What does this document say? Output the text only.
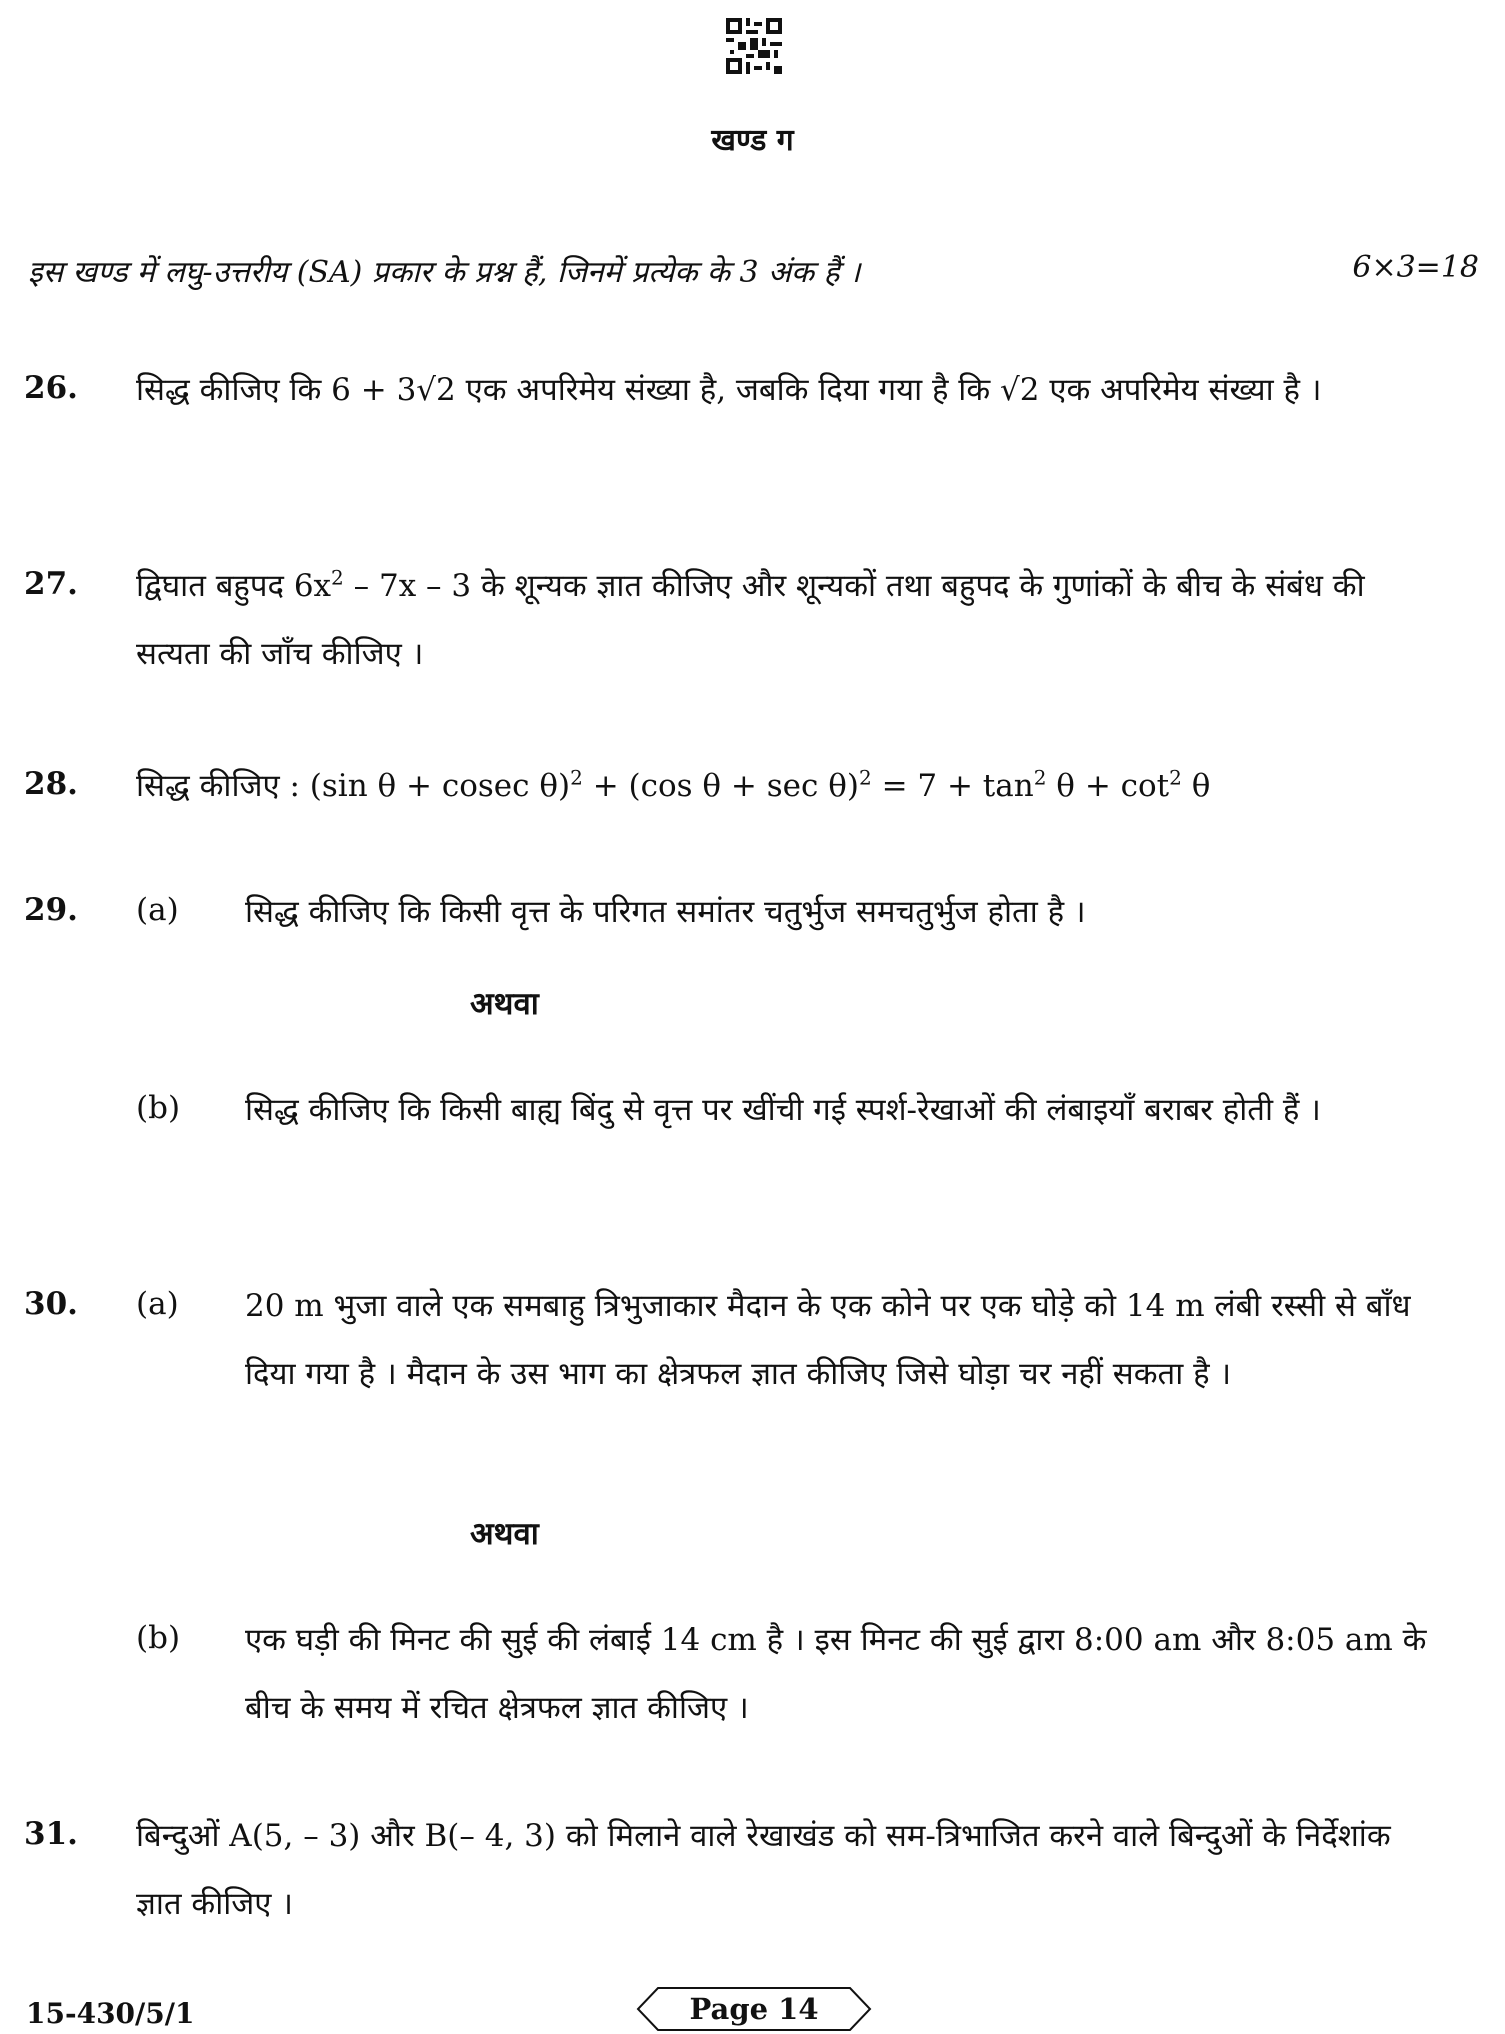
खण्ड ग
इस खण्ड में लघु-उत्तरीय (SA) प्रकार के प्रश्न हैं, जिनमें प्रत्येक के 3 अंक हैं ।	6×3=18
26. सिद्ध कीजिए कि 6 + 3√2 एक अपरिमेय संख्या है, जबकि दिया गया है कि √2 एक अपरिमेय संख्या है ।
27. द्विघात बहुपद $6x^2 - 7x - 3$ के शून्यक ज्ञात कीजिए और शून्यकों तथा बहुपद के गुणांकों के बीच के संबंध की सत्यता की जाँच कीजिए ।
28. सिद्ध कीजिए : (sin θ + cosec θ)$^2$ + (cos $\theta + \sec \theta)^2 = 7 + \tan^2 \theta + \cot^2 \theta$
29. (a) सिद्ध कीजिए कि किसी वृत्त के परिगत समांतर चतुर्भुज समचतुर्भुज होता है ।
अथवा
(b) सिद्ध कीजिए कि किसी बाह्य बिंदु से वृत्त पर खींची गई स्पर्श-रेखाओं की लंबाइयाँ बराबर होती हैं ।
30. (a) 20 m भुजा वाले एक समबाहु त्रिभुजाकार मैदान के एक कोने पर एक घोड़े को 14 m लंबी रस्सी से बाँध दिया गया है । मैदान के उस भाग का क्षेत्रफल ज्ञात कीजिए जिसे घोड़ा चर नहीं सकता है ।
अथवा
(b) एक घड़ी की मिनट की सुई की लंबाई 14 cm है । इस मिनट की सुई द्वारा 8:00 am और 8:05 am के बीच के समय में रचित क्षेत्रफल ज्ञात कीजिए ।
31. बिन्दुओं A(5, – 3) और B(– 4, 3) को मिलाने वाले रेखाखंड को सम-त्रिभाजित करने वाले बिन्दुओं के निर्देशांक ज्ञात कीजिए ।
15-430/5/1	Page 14
